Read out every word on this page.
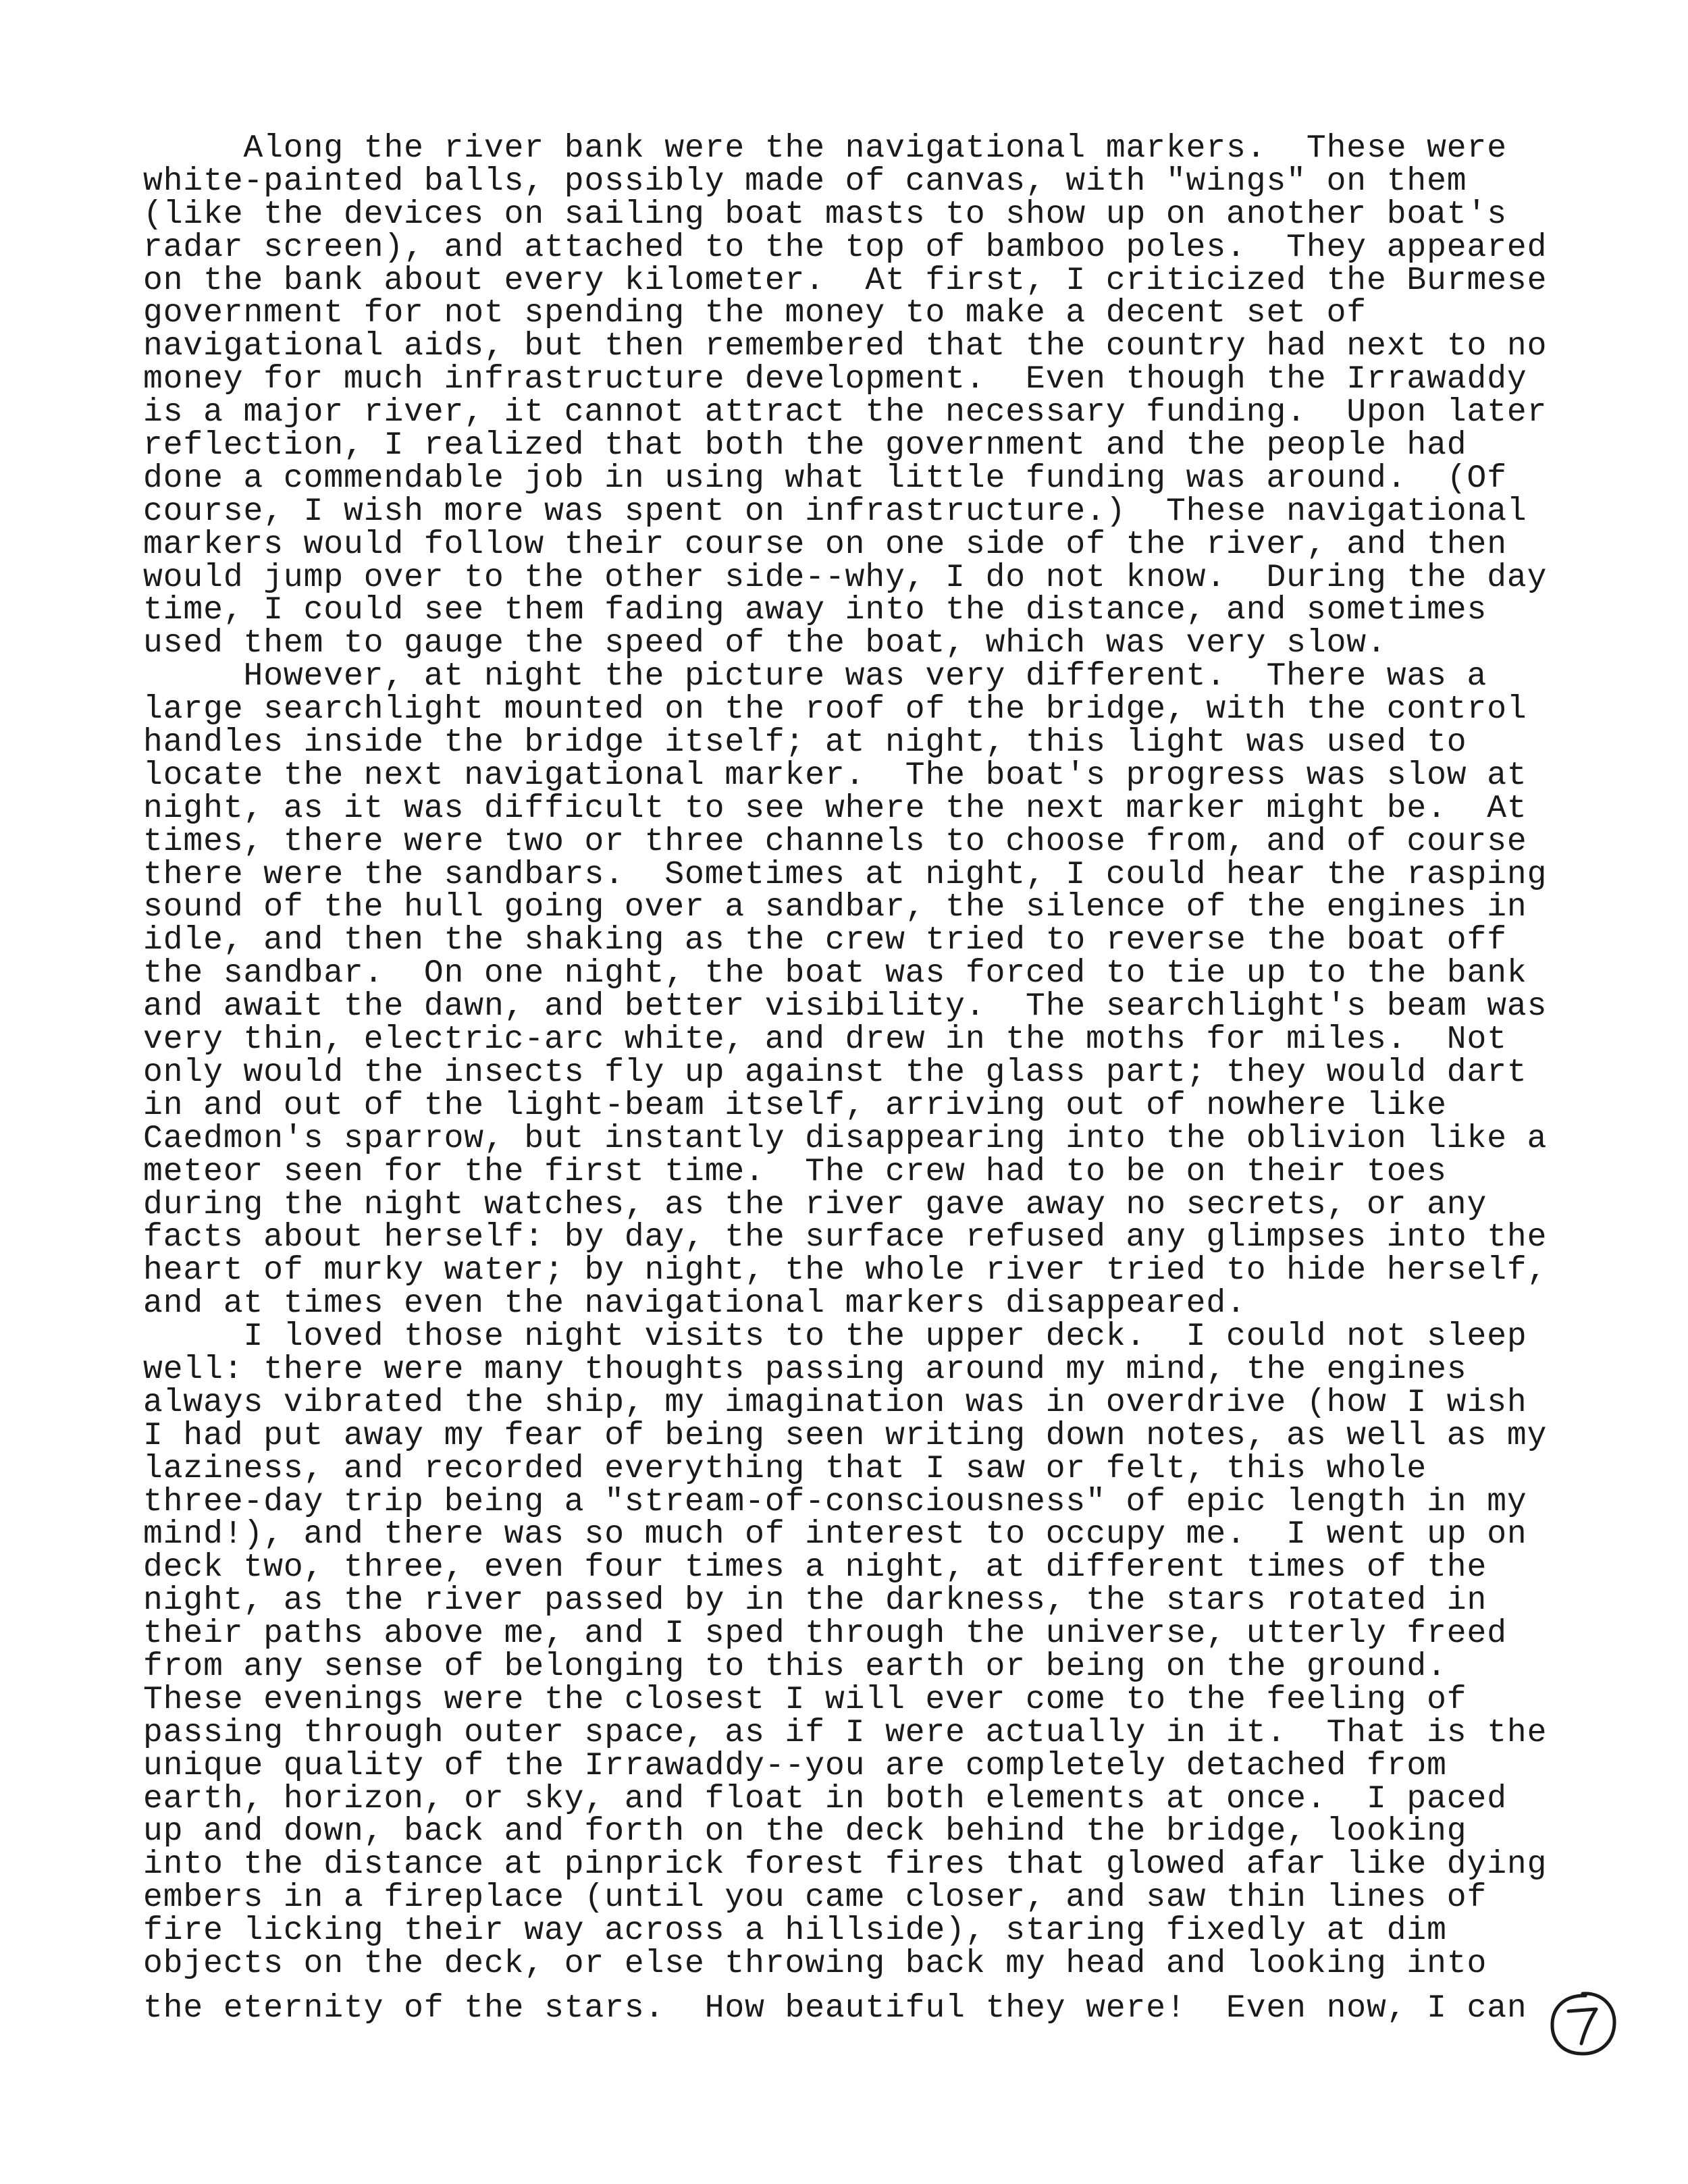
Along the river bank were the navigational markers.  These were
white-painted balls, possibly made of canvas, with "wings" on them
(like the devices on sailing boat masts to show up on another boat's
radar screen), and attached to the top of bamboo poles.  They appeared
on the bank about every kilometer.  At first, I criticized the Burmese
government for not spending the money to make a decent set of
navigational aids, but then remembered that the country had next to no
money for much infrastructure development.  Even though the Irrawaddy
is a major river, it cannot attract the necessary funding.  Upon later
reflection, I realized that both the government and the people had
done a commendable job in using what little funding was around.  (Of
course, I wish more was spent on infrastructure.)  These navigational
markers would follow their course on one side of the river, and then
would jump over to the other side--why, I do not know.  During the day
time, I could see them fading away into the distance, and sometimes
used them to gauge the speed of the boat, which was very slow.
However, at night the picture was very different.  There was a
large searchlight mounted on the roof of the bridge, with the control
handles inside the bridge itself; at night, this light was used to
locate the next navigational marker.  The boat's progress was slow at
night, as it was difficult to see where the next marker might be.  At
times, there were two or three channels to choose from, and of course
there were the sandbars.  Sometimes at night, I could hear the rasping
sound of the hull going over a sandbar, the silence of the engines in
idle, and then the shaking as the crew tried to reverse the boat off
the sandbar.  On one night, the boat was forced to tie up to the bank
and await the dawn, and better visibility.  The searchlight's beam was
very thin, electric-arc white, and drew in the moths for miles.  Not
only would the insects fly up against the glass part; they would dart
in and out of the light-beam itself, arriving out of nowhere like
Caedmon's sparrow, but instantly disappearing into the oblivion like a
meteor seen for the first time.  The crew had to be on their toes
during the night watches, as the river gave away no secrets, or any
facts about herself: by day, the surface refused any glimpses into the
heart of murky water; by night, the whole river tried to hide herself,
and at times even the navigational markers disappeared.
I loved those night visits to the upper deck.  I could not sleep
well: there were many thoughts passing around my mind, the engines
always vibrated the ship, my imagination was in overdrive (how I wish
I had put away my fear of being seen writing down notes, as well as my
laziness, and recorded everything that I saw or felt, this whole
three-day trip being a "stream-of-consciousness" of epic length in my
mind!), and there was so much of interest to occupy me.  I went up on
deck two, three, even four times a night, at different times of the
night, as the river passed by in the darkness, the stars rotated in
their paths above me, and I sped through the universe, utterly freed
from any sense of belonging to this earth or being on the ground.
These evenings were the closest I will ever come to the feeling of
passing through outer space, as if I were actually in it.  That is the
unique quality of the Irrawaddy--you are completely detached from
earth, horizon, or sky, and float in both elements at once.  I paced
up and down, back and forth on the deck behind the bridge, looking
into the distance at pinprick forest fires that glowed afar like dying
embers in a fireplace (until you came closer, and saw thin lines of
fire licking their way across a hillside), staring fixedly at dim
objects on the deck, or else throwing back my head and looking into
the eternity of the stars.  How beautiful they were!  Even now, I can
